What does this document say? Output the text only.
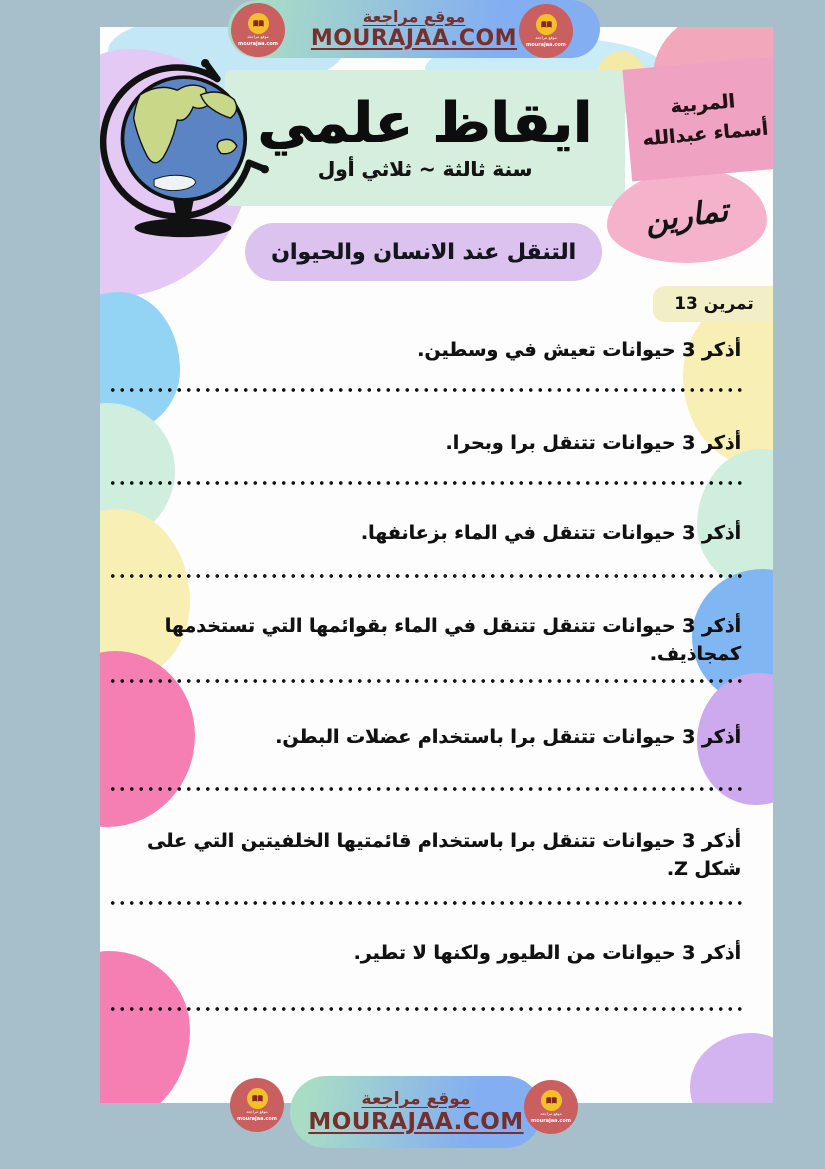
ايقاظ علمي
سنة ثالثة ~ ثلاثي أول
المربية
أسماء عبدالله
تمارين
التنقل عند الانسان والحيوان
تمرين 13
أذكر 3 حيوانات تعيش في وسطين.
أذكر 3 حيوانات تتنقل برا وبحرا.
أذكر 3 حيوانات تتنقل في الماء بزعانفها.
أذكر 3 حيوانات تتنقل تتنقل في الماء بقوائمها التي تستخدمها كمجاذيف.
أذكر 3 حيوانات تتنقل برا باستخدام عضلات البطن.
أذكر 3 حيوانات تتنقل برا باستخدام قائمتيها الخلفيتين التي على شكل Z.
أذكر 3 حيوانات من الطيور ولكنها لا تطير.
موقع مراجعة
MOURAJAA.COM
موقع مراجعة
MOURAJAA.COM
موقع مراجعة
mourajaa.com
موقع مراجعة
mourajaa.com
موقع مراجعة
mourajaa.com
موقع مراجعة
mourajaa.com
